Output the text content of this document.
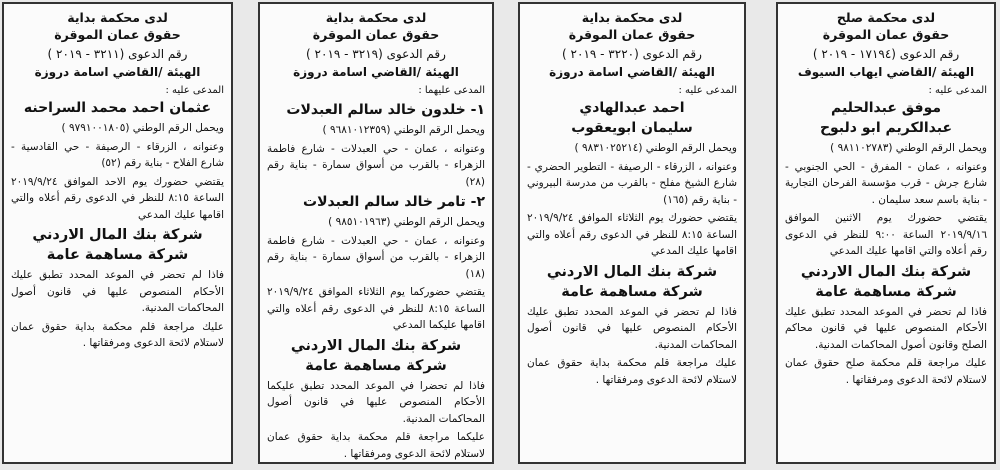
لدى محكمة صلح
حقوق عمان الموقرة
رقم الدعوى (١٧١٩٤ - ٢٠١٩ )
الهيئة /القاضي ايهاب السيوف
المدعى عليه :
موفق عبدالحليم
عبدالكريم ابو دلبوح
ويحمل الرقم الوطني (٩٨١١٠٢٧٨٣ )
وعنوانه ، عمان - المفرق - الحي الجنوبي - شارع جرش - قرب مؤسسة الفرحان التجارية - بناية باسم سعد سليمان .
يقتضي حضورك يوم الاثنين الموافق ٢٠١٩/٩/١٦ الساعة ٩:٠٠ للنظر في الدعوى رقم أعلاه والتي اقامها عليك المدعي
شركة بنك المال الاردني
شركة مساهمة عامة
فاذا لم تحضر في الموعد المحدد تطبق عليك الأحكام المنصوص عليها في قانون محاكم الصلح وقانون أصول المحاكمات المدنية.
عليك مراجعة قلم محكمة صلح حقوق عمان لاستلام لائحة الدعوى ومرفقاتها .
لدى محكمة بداية
حقوق عمان الموقرة
رقم الدعوى (٣٢٢٠ - ٢٠١٩ )
الهيئة /القاضي اسامة دروزة
المدعى عليه :
احمد عبدالهادي
سليمان ابويعقوب
ويحمل الرقم الوطني (٩٨٣١٠٢٥٢١٤ )
وعنوانه ، الزرقاء - الرصيفة - التطوير الحضري - شارع الشيخ مفلح - بالقرب من مدرسة البيروني - بناية رقم (١٦٥)
يقتضي حضورك يوم الثلاثاء الموافق ٢٠١٩/٩/٢٤ الساعة ٨:١٥ للنظر في الدعوى رقم أعلاه والتي اقامها عليك المدعي
شركة بنك المال الاردني
شركة مساهمة عامة
فاذا لم تحضر في الموعد المحدد تطبق عليك الأحكام المنصوص عليها في قانون أصول المحاكمات المدنية.
عليك مراجعة قلم محكمة بداية حقوق عمان لاستلام لائحة الدعوى ومرفقاتها .
لدى محكمة بداية
حقوق عمان الموقرة
رقم الدعوى (٣٢١٩ - ٢٠١٩ )
الهيئة /القاضي اسامة دروزة
المدعى عليهما :
١- خلدون خالد سالم العبدلات
ويحمل الرقم الوطني (٩٦٨١٠١٢٣٥٩ )
وعنوانه ، عمان - حي العبدلات - شارع فاطمة الزهراء - بالقرب من أسواق سمارة - بناية رقم (٢٨)
٢- تامر خالد سالم العبدلات
ويحمل الرقم الوطني (٩٨٥١٠١٩٦٣ )
وعنوانه ، عمان - حي العبدلات - شارع فاطمة الزهراء - بالقرب من أسواق سمارة - بناية رقم (١٨)
يقتضي حضوركما يوم الثلاثاء الموافق ٢٠١٩/٩/٢٤ الساعة ٨:١٥ للنظر في الدعوى رقم أعلاه والتي اقامها عليكما المدعي
شركة بنك المال الاردني
شركة مساهمة عامة
فاذا لم تحضرا في الموعد المحدد تطبق عليكما الأحكام المنصوص عليها في قانون أصول المحاكمات المدنية.
عليكما مراجعة قلم محكمة بداية حقوق عمان لاستلام لائحة الدعوى ومرفقاتها .
لدى محكمة بداية
حقوق عمان الموقرة
رقم الدعوى (٣٢١١ - ٢٠١٩ )
الهيئة /القاضي اسامة دروزة
المدعى عليه :
عثمان احمد محمد السراحنه
ويحمل الرقم الوطني (٩٧٩١٠٠١٨٠٥ )
وعنوانه ، الزرقاء - الرصيفة - حي القادسية - شارع الفلاح - بناية رقم (٥٢)
يقتضي حضورك يوم الاحد الموافق ٢٠١٩/٩/٢٤ الساعة ٨:١٥ للنظر في الدعوى رقم أعلاه والتي اقامها عليك المدعي
شركة بنك المال الاردني
شركة مساهمة عامة
فاذا لم تحضر في الموعد المحدد تطبق عليك الأحكام المنصوص عليها في قانون أصول المحاكمات المدنية.
عليك مراجعة قلم محكمة بداية حقوق عمان لاستلام لائحة الدعوى ومرفقاتها .
